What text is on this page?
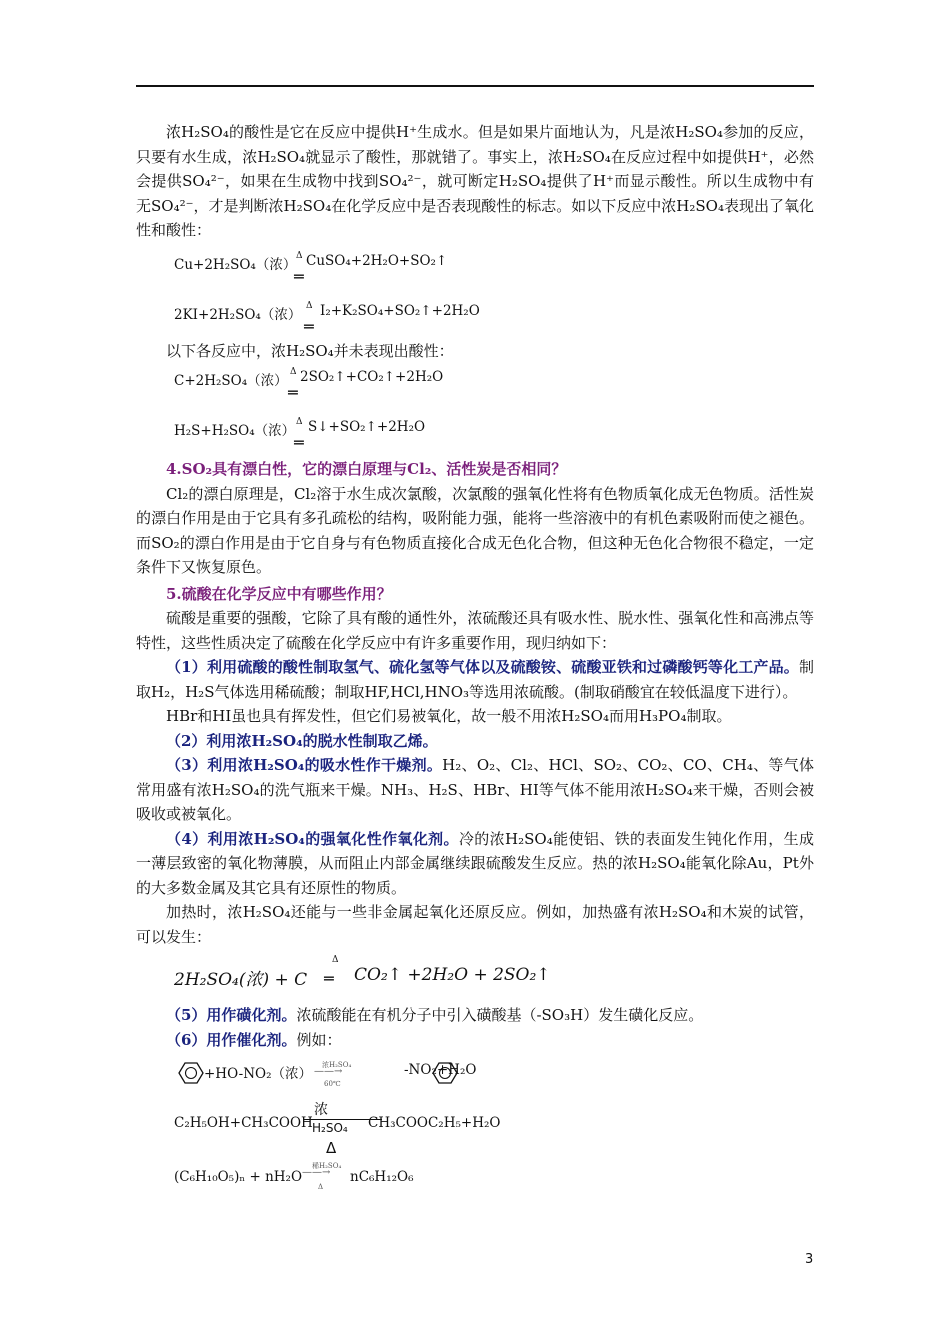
浓H₂SO₄的酸性是它在反应中提供H⁺生成水。但是如果片面地认为，凡是浓H₂SO₄参加的反应，只要有水生成，浓H₂SO₄就显示了酸性，那就错了。事实上，浓H₂SO₄在反应过程中如提供H⁺，必然会提供SO₄²⁻，如果在生成物中找到SO₄²⁻，就可断定H₂SO₄提供了H⁺而显示酸性。所以生成物中有无SO₄²⁻，才是判断浓H₂SO₄在化学反应中是否表现酸性的标志。如以下反应中浓H₂SO₄表现出了氧化性和酸性：

Cu+2H₂SO₄（浓）
Δ
═
CuSO₄+2H₂O+SO₂↑
2KI+2H₂SO₄（浓）
Δ
═
I₂+K₂SO₄+SO₂↑+2H₂O

以下各反应中，浓H₂SO₄并未表现出酸性：

C+2H₂SO₄（浓）
Δ
═
2SO₂↑+CO₂↑+2H₂O
H₂S+H₂SO₄（浓）
Δ
═
S↓+SO₂↑+2H₂O
4.SO₂具有漂白性，它的漂白原理与Cl₂、活性炭是否相同？

Cl₂的漂白原理是，Cl₂溶于水生成次氯酸，次氯酸的强氧化性将有色物质氧化成无色物质。活性炭的漂白作用是由于它具有多孔疏松的结构，吸附能力强，能将一些溶液中的有机色素吸附而使之褪色。而SO₂的漂白作用是由于它自身与有色物质直接化合成无色化合物，但这种无色化合物很不稳定，一定条件下又恢复原色。

5.硫酸在化学反应中有哪些作用？

硫酸是重要的强酸，它除了具有酸的通性外，浓硫酸还具有吸水性、脱水性、强氧化性和高沸点等特性，这些性质决定了硫酸在化学反应中有许多重要作用，现归纳如下：

（1）利用硫酸的酸性制取氢气、硫化氢等气体以及硫酸铵、硫酸亚铁和过磷酸钙等化工产品。制取H₂，H₂S气体选用稀硫酸；制取HF,HCl,HNO₃等选用浓硫酸。(制取硝酸宜在较低温度下进行）。

HBr和HI虽也具有挥发性，但它们易被氧化，故一般不用浓H₂SO₄而用H₃PO₄制取。

（2）利用浓H₂SO₄的脱水性制取乙烯。

（3）利用浓H₂SO₄的吸水性作干燥剂。H₂、O₂、Cl₂、HCl、SO₂、CO₂、CO、CH₄、等气体常用盛有浓H₂SO₄的洗气瓶来干燥。NH₃、H₂S、HBr、HI等气体不能用浓H₂SO₄来干燥，否则会被吸收或被氧化。

（4）利用浓H₂SO₄的强氧化性作氧化剂。冷的浓H₂SO₄能使铝、铁的表面发生钝化作用，生成一薄层致密的氧化物薄膜，从而阻止内部金属继续跟硫酸发生反应。热的浓H₂SO₄能氧化除Au，Pt外的大多数金属及其它具有还原性的物质。

加热时，浓H₂SO₄还能与一些非金属起氧化还原反应。例如，加热盛有浓H₂SO₄和木炭的试管，可以发生：

2H₂SO₄(浓) + C
Δ
═ CO₂↑ +2H₂O + 2SO₂↑

（5）用作磺化剂。浓硫酸能在有机分子中引入磺酸基（-SO₃H）发生磺化反应。

（6）用作催化剂。例如：

+HO-NO₂（浓）
浓H₂SO₄
——→
60℃
-NO₂+H₂O
C₂H₅OH+CH₃COOH
浓
H₂SO₄ CH₃COOC₂H₅+H₂O
Δ
(C₆H₁₀O₅)ₙ + nH₂O
稀H₂SO₄
——→
Δ
nC₆H₁₂O₆
3
